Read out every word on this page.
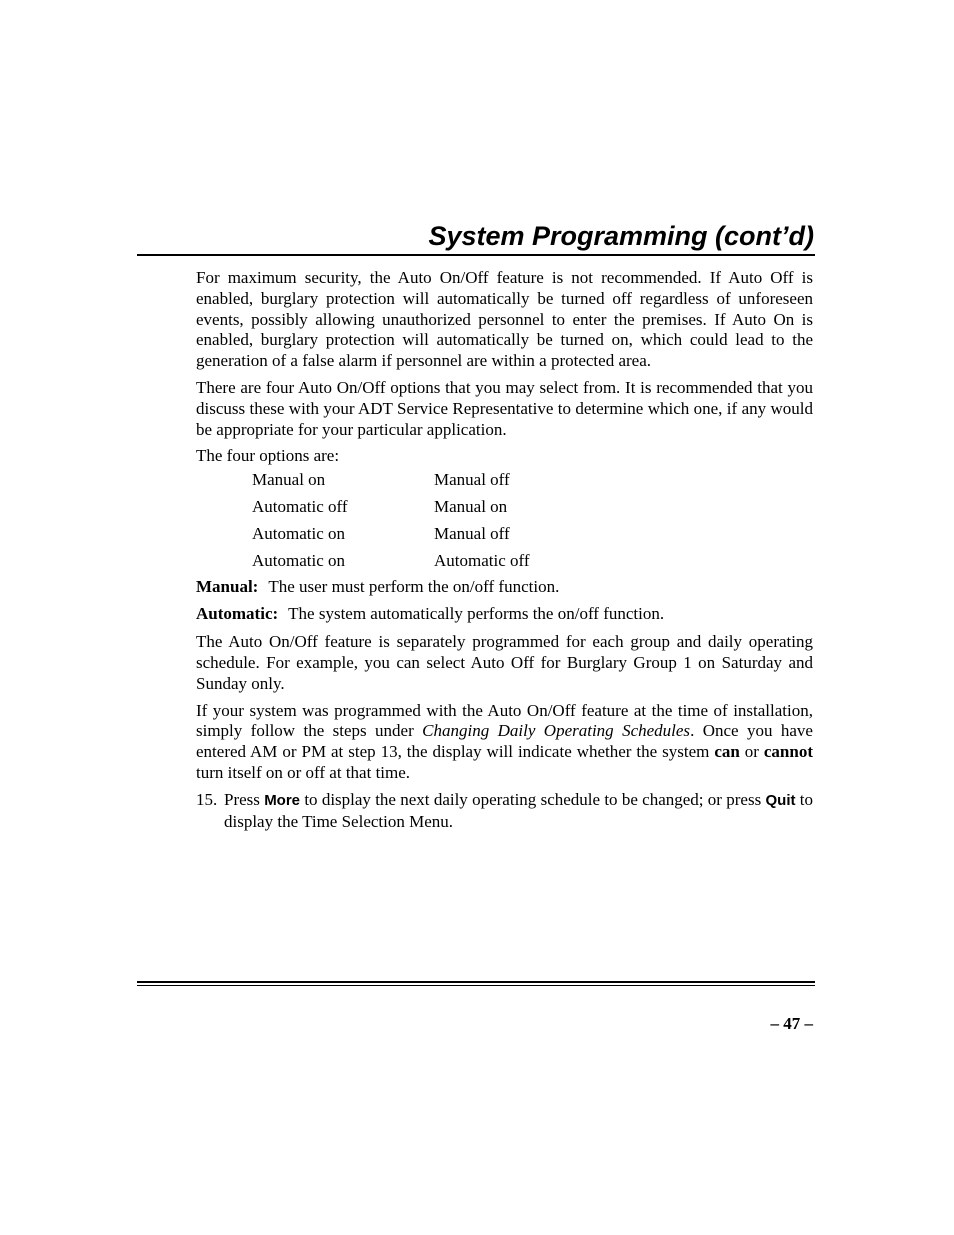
System Programming (cont’d)

For maximum security, the Auto On/Off feature is not recommended. If Auto Off is enabled, burglary protection will automatically be turned off regardless of unforeseen events, possibly allowing unauthorized personnel to enter the premises. If Auto On is enabled, burglary protection will automatically be turned on, which could lead to the generation of a false alarm if personnel are within a protected area.

There are four Auto On/Off options that you may select from. It is recommended that you discuss these with your ADT Service Representative to determine which one, if any would be appropriate for your particular application.

The four options are:

Manual on	Manual off
Automatic off	Manual on
Automatic on	Manual off
Automatic on	Automatic off

Manual: The user must perform the on/off function.

Automatic: The system automatically performs the on/off function.

The Auto On/Off feature is separately programmed for each group and daily operating schedule. For example, you can select Auto Off for Burglary Group 1 on Saturday and Sunday only.

If your system was programmed with the Auto On/Off feature at the time of installation, simply follow the steps under Changing Daily Operating Schedules. Once you have entered AM or PM at step 13, the display will indicate whether the system can or cannot turn itself on or off at that time.

15. Press More to display the next daily operating schedule to be changed; or press Quit to display the Time Selection Menu.
– 47 –
